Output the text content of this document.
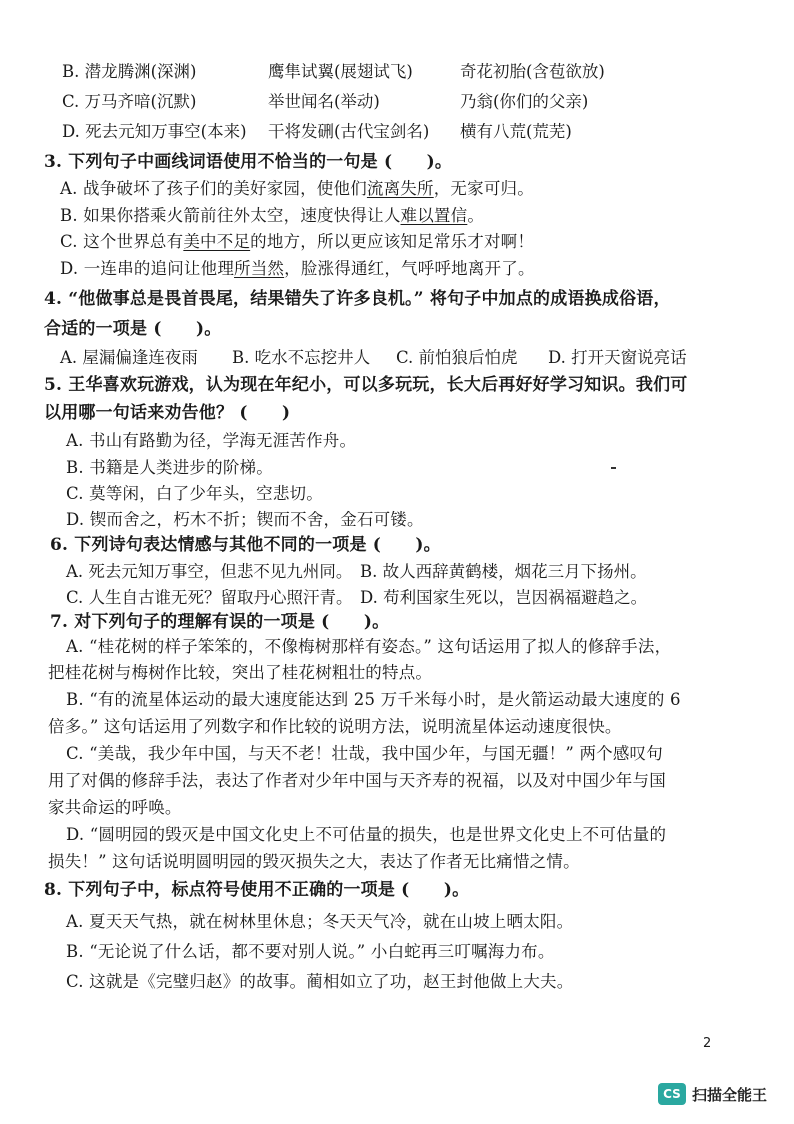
B. 潜龙腾渊(深渊)	鹰隼试翼(展翅试飞)	奇花初胎(含苞欲放)
C. 万马齐喑(沉默)	举世闻名(举动)	乃翁(你们的父亲)
D. 死去元知万事空(本来) 干将发硎(古代宝剑名) 横有八荒(荒芜)
3. 下列句子中画线词语使用不恰当的一句是 (　　)。
A. 战争破坏了孩子们的美好家园，使他们流离失所，无家可归。
B. 如果你搭乘火箭前往外太空，速度快得让人难以置信。
C. 这个世界总有美中不足的地方，所以更应该知足常乐才对啊！
D. 一连串的追问让他理所当然，脸涨得通红，气呼呼地离开了。
4. “他做事总是畏首畏尾，结果错失了许多良机。” 将句子中加点的成语换成俗语，
合适的一项是 (　　)。
A. 屋漏偏逢连夜雨 B. 吃水不忘挖井人 C. 前怕狼后怕虎 D. 打开天窗说亮话
5. 王华喜欢玩游戏，认为现在年纪小，可以多玩玩，长大后再好好学习知识。我们可
以用哪一句话来劝告他？ (　　)
A. 书山有路勤为径，学海无涯苦作舟。
B. 书籍是人类进步的阶梯。
C. 莫等闲，白了少年头，空悲切。
D. 锲而舍之，朽木不折；锲而不舍，金石可镂。
6. 下列诗句表达情感与其他不同的一项是 (　　)。
A. 死去元知万事空，但悲不见九州同。 B. 故人西辞黄鹤楼，烟花三月下扬州。
C. 人生自古谁无死？留取丹心照汗青。 D. 苟利国家生死以，岂因祸福避趋之。
7. 对下列句子的理解有误的一项是 (　　)。
A. “桂花树的样子笨笨的，不像梅树那样有姿态。” 这句话运用了拟人的修辞手法，
把桂花树与梅树作比较，突出了桂花树粗壮的特点。
B. “有的流星体运动的最大速度能达到 25 万千米每小时，是火箭运动最大速度的 6
倍多。” 这句话运用了列数字和作比较的说明方法，说明流星体运动速度很快。
C. “美哉，我少年中国，与天不老！壮哉，我中国少年，与国无疆！” 两个感叹句
用了对偶的修辞手法，表达了作者对少年中国与天齐寿的祝福，以及对中国少年与国
家共命运的呼唤。
D. “圆明园的毁灭是中国文化史上不可估量的损失，也是世界文化史上不可估量的
损失！” 这句话说明圆明园的毁灭损失之大，表达了作者无比痛惜之情。
8. 下列句子中，标点符号使用不正确的一项是 (　　)。
A. 夏天天气热，就在树林里休息；冬天天气冷，就在山坡上晒太阳。
B. “无论说了什么话，都不要对别人说。” 小白蛇再三叮嘱海力布。
C. 这就是《完璧归赵》的故事。蔺相如立了功，赵王封他做上大夫。
2
CS 扫描全能王
